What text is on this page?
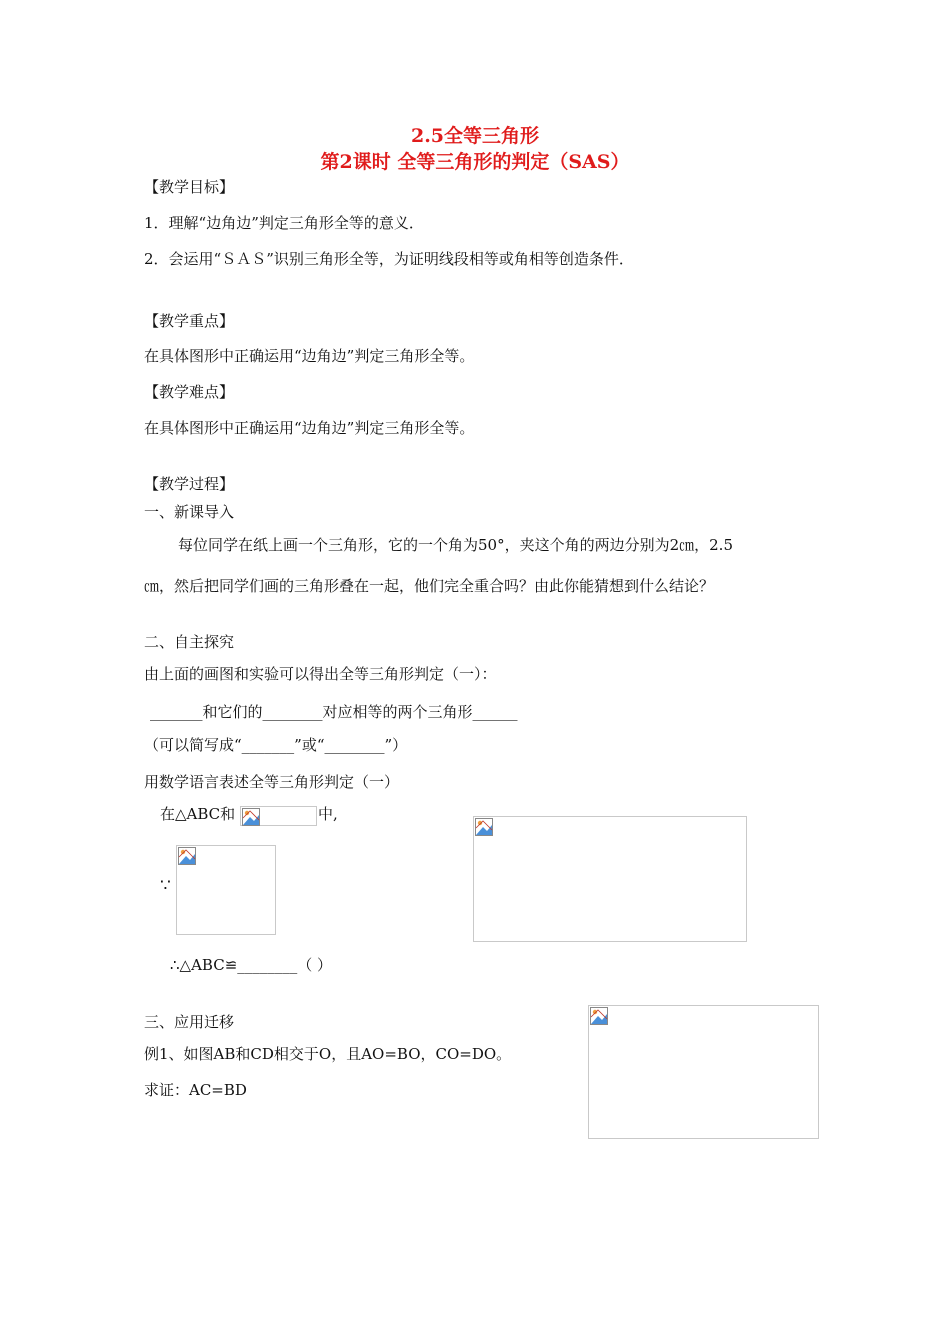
2.5全等三角形
第2课时 全等三角形的判定（SAS）
【教学目标】
1．理解“边角边”判定三角形全等的意义．
2．会运用“ＳＡＳ”识别三角形全等，为证明线段相等或角相等创造条件．
【教学重点】
在具体图形中正确运用“边角边”判定三角形全等。
【教学难点】
在具体图形中正确运用“边角边”判定三角形全等。
【教学过程】
一、新课导入
每位同学在纸上画一个三角形，它的一个角为50°，夹这个角的两边分别为2㎝，2.5
㎝，然后把同学们画的三角形叠在一起，他们完全重合吗？由此你能猜想到什么结论？
二、自主探究
由上面的画图和实验可以得出全等三角形判定（一）：
_______和它们的________对应相等的两个三角形______
（可以简写成“_______”或“________”）
用数学语言表述全等三角形判定（一）
在△ABC和	中,
∵
∴△ABC≌________（ ）
三、应用迁移
例1、如图AB和CD相交于O，且AO=BO，CO=DO。
求证：AC=BD
